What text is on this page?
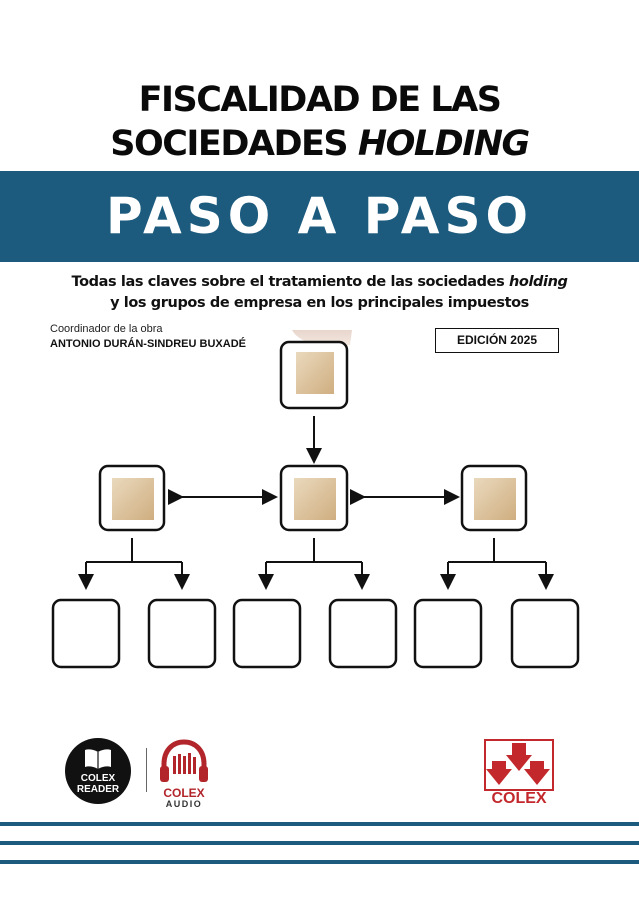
FISCALIDAD DE LAS
SOCIEDADES HOLDING
PASO A PASO
Todas las claves sobre el tratamiento de las sociedades holding
y los grupos de empresa en los principales impuestos
Coordinador de la obra
ANTONIO DURÁN-SINDREU BUXADÉ	EDICIÓN 2025
COLEX
READER	COLEX
AUDIO	COLEX
